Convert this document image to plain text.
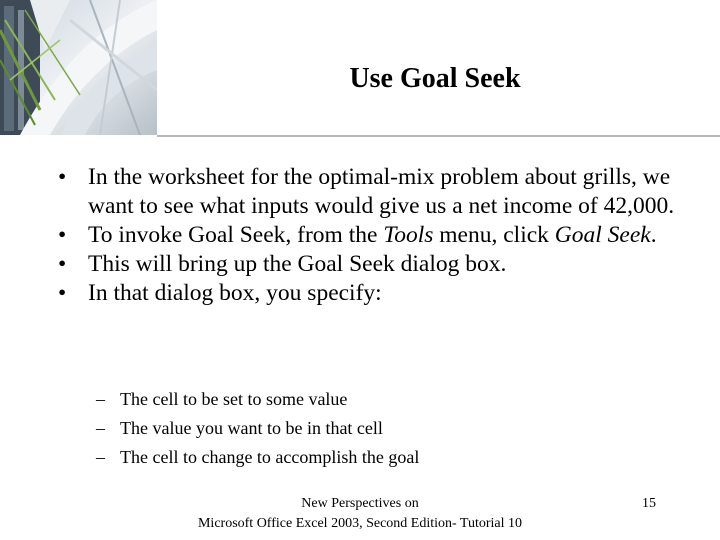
Use Goal Seek
• In the worksheet for the optimal-mix problem about grills, we want to see what inputs would give us a net income of 42,000.
• To invoke Goal Seek, from the Tools menu, click Goal Seek.
• This will bring up the Goal Seek dialog box.
• In that dialog box, you specify:
– The cell to be set to some value
– The value you want to be in that cell
– The cell to change to accomplish the goal
New Perspectives on
Microsoft Office Excel 2003, Second Edition- Tutorial 10
15
